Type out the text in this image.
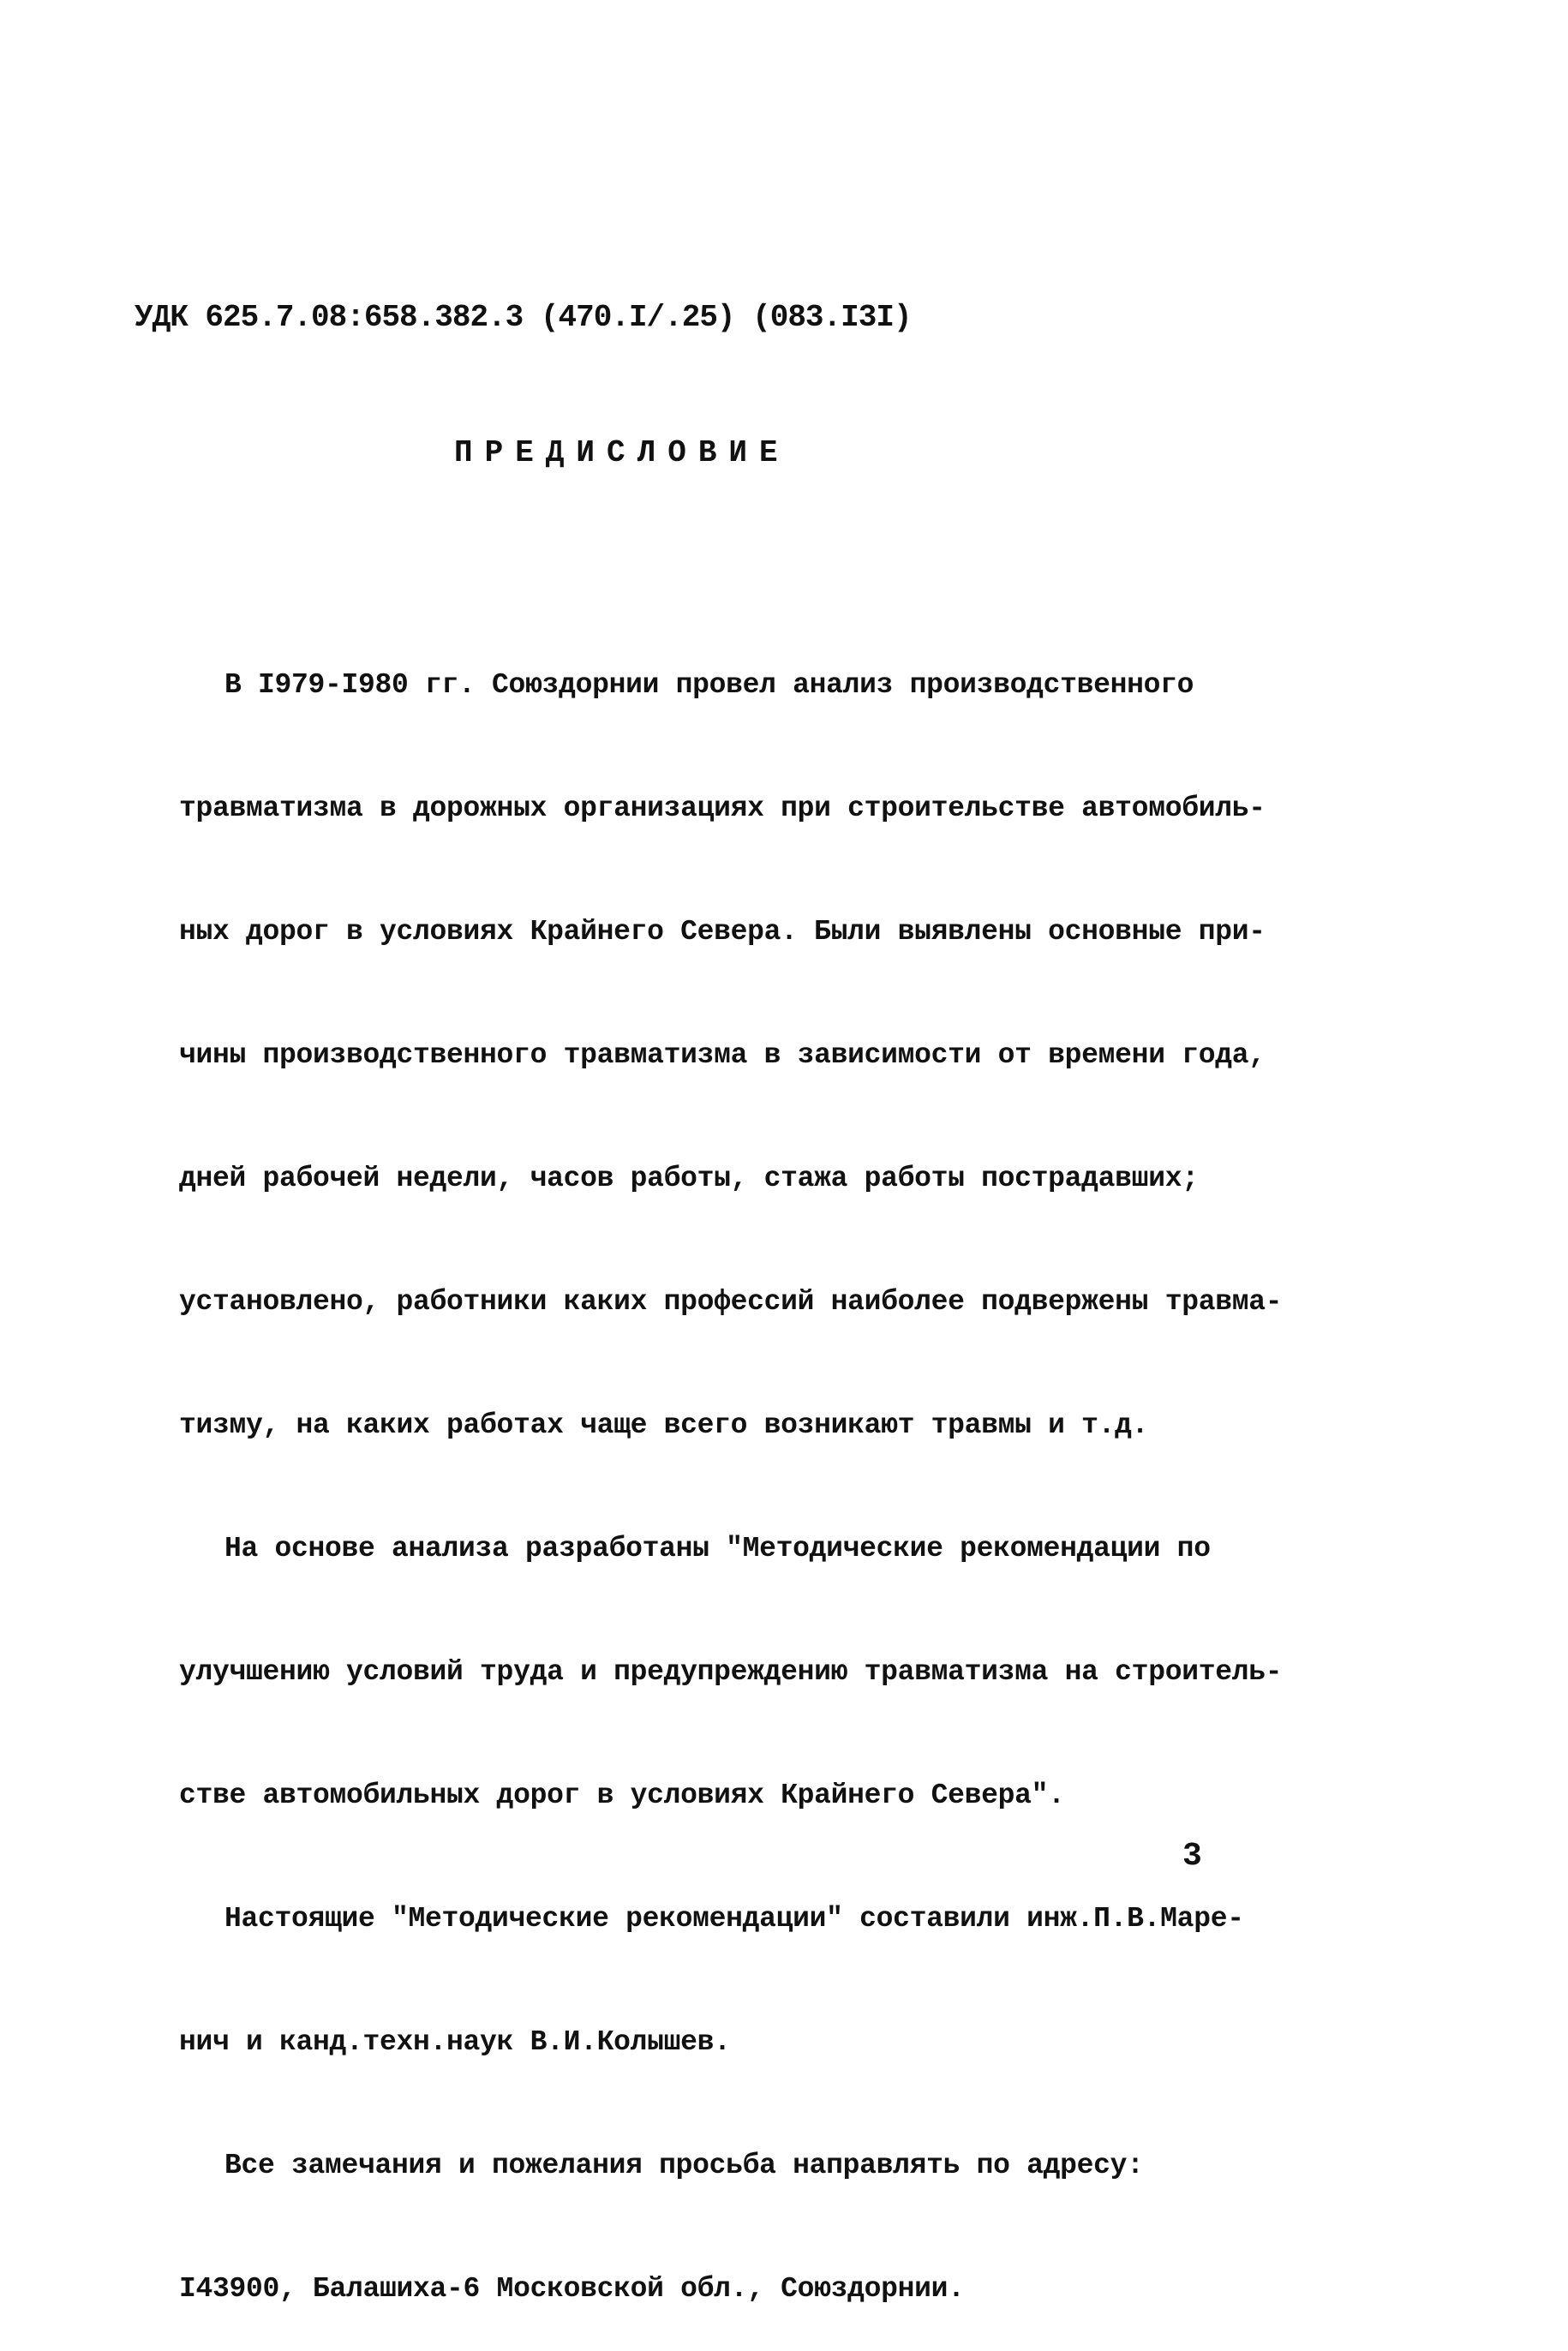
УДК 625.7.08:658.382.3 (470.I/.25) (083.I3I)
ПРЕДИСЛОВИЕ

В I979-I980 гг. Союздорнии провел анализ производственного

травматизма в дорожных организациях при строительстве автомобиль-

ных дорог в условиях Крайнего Севера. Были выявлены основные при-

чины производственного травматизма в зависимости от времени года,

дней рабочей недели, часов работы, стажа работы пострадавших;

установлено, работники каких профессий наиболее подвержены травма-

тизму, на каких работах чаще всего возникают травмы и т.д.

На основе анализа разработаны "Методические рекомендации по

улучшению условий труда и предупреждению травматизма на строитель-

стве автомобильных дорог в условиях Крайнего Севера".

Настоящие "Методические рекомендации" составили инж.П.В.Маре-

нич и канд.техн.наук В.И.Колышев.

Все замечания и пожелания просьба направлять по адресу:

I43900, Балашиха-6 Московской обл., Союздорнии.

3
